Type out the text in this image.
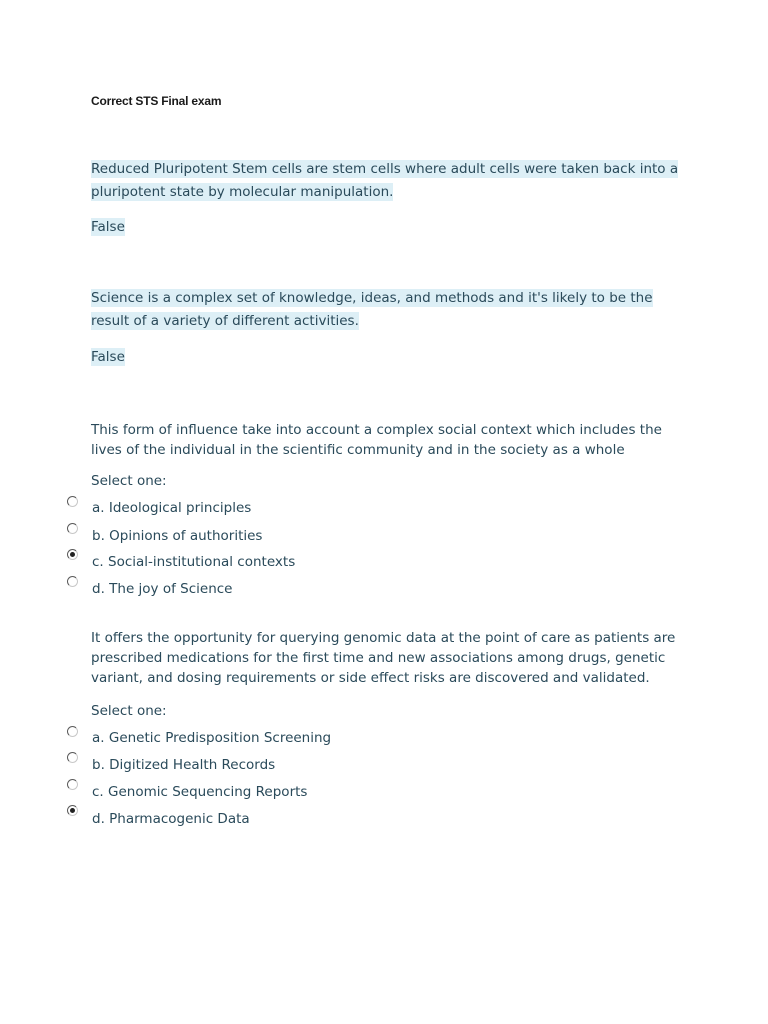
Correct STS Final exam
Reduced Pluripotent Stem cells are stem cells where adult cells were taken back into a pluripotent state by molecular manipulation.
False
Science is a complex set of knowledge, ideas, and methods and it's likely to be the result of a variety of different activities.
False
This form of influence take into account a complex social context which includes the lives of the individual in the scientific community and in the society as a whole
Select one:
a. Ideological principles
b. Opinions of authorities
c. Social-institutional contexts
d. The joy of Science
It offers the opportunity for querying genomic data at the point of care as patients are prescribed medications for the first time and new associations among drugs, genetic variant, and dosing requirements or side effect risks are discovered and validated.
Select one:
a. Genetic Predisposition Screening
b. Digitized Health Records
c. Genomic Sequencing Reports
d. Pharmacogenic Data
